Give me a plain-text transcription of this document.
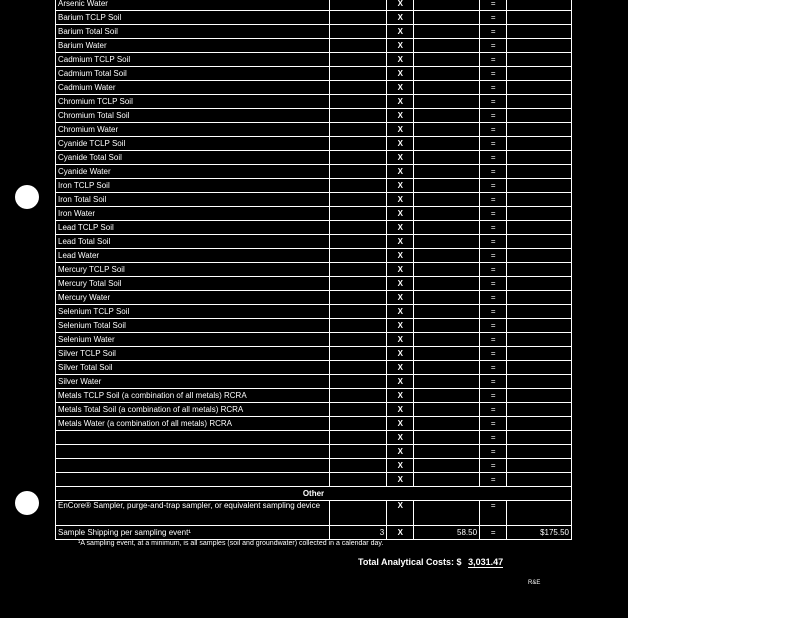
Arsenic Water		X		=	
Barium TCLP Soil		X		=	
Barium Total Soil		X		=	
Barium Water		X		=	
Cadmium TCLP Soil		X		=	
Cadmium Total Soil		X		=	
Cadmium Water		X		=	
Chromium TCLP Soil		X		=	
Chromium Total Soil		X		=	
Chromium Water		X		=	
Cyanide TCLP Soil		X		=	
Cyanide Total Soil		X		=	
Cyanide Water		X		=	
Iron TCLP Soil		X		=	
Iron Total Soil		X		=	
Iron Water		X		=	
Lead TCLP Soil		X		=	
Lead Total Soil		X		=	
Lead Water		X		=	
Mercury TCLP Soil		X		=	
Mercury Total Soil		X		=	
Mercury Water		X		=	
Selenium TCLP Soil		X		=	
Selenium Total Soil		X		=	
Selenium Water		X		=	
Silver TCLP Soil		X		=	
Silver Total Soil		X		=	
Silver Water		X		=	
Metals TCLP Soil (a combination of all metals) RCRA		X		=	
Metals Total Soil (a combination of all metals) RCRA		X		=	
Metals Water (a combination of all metals) RCRA		X		=	
		X		=	
		X		=	
		X		=	
		X		=	
Other					
EnCore® Sampler, purge-and-trap sampler, or equivalent sampling device		X		=	
Sample Shipping per sampling event¹	3	X	58.50	=	$175.50
¹A sampling event, at a minimum, is all samples (soil and groundwater) collected in a calendar day.
Total Analytical Costs: $ 3,031.47
R&E
